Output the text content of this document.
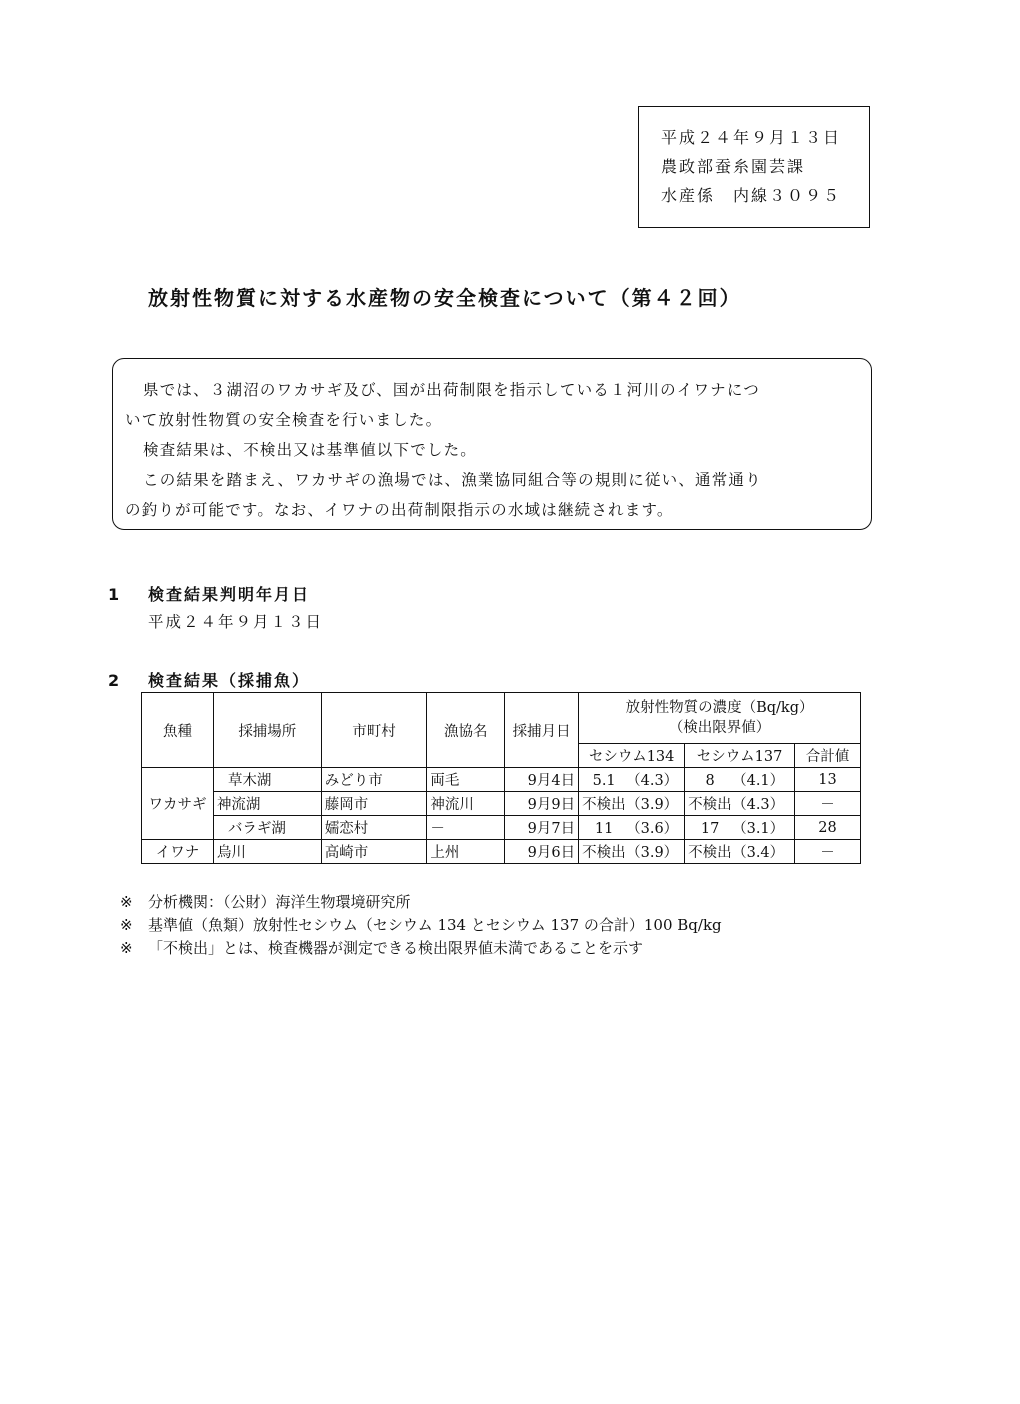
平成２４年９月１３日
農政部蚕糸園芸課
水産係　内線３０９５
放射性物質に対する水産物の安全検査について（第４２回）

県では、３湖沼のワカサギ及び、国が出荷制限を指示している１河川のイワナにつ

いて放射性物質の安全検査を行いました。

検査結果は、不検出又は基準値以下でした。

この結果を踏まえ、ワカサギの漁場では、漁業協同組合等の規則に従い、通常通り

の釣りが可能です。なお、イワナの出荷制限指示の水域は継続されます。

1 検査結果判明年月日
平成２４年９月１３日
2 検査結果（採捕魚）
魚種	採捕場所	市町村	漁協名	採捕月日	放射性物質の濃度（Bq/kg）
（検出限界値）		

					セシウム134	セシウム137	合計値
ワカサギ	草木湖	みどり市	両毛	9月4日	5.1 （4.3）	8 （4.1）	13
	神流湖	藤岡市	神流川	9月9日	不検出（3.9）	不検出（4.3）	－
	バラギ湖	嬬恋村	－	9月7日	11 （3.6）	17 （3.1）	28
イワナ	烏川	高崎市	上州	9月6日	不検出（3.9）	不検出（3.4）	－
※ 分析機関：（公財）海洋生物環境研究所
※ 基準値（魚類）放射性セシウム（セシウム 134 とセシウム 137 の合計）100 Bq/kg
※ 「不検出」とは、検査機器が測定できる検出限界値未満であることを示す
